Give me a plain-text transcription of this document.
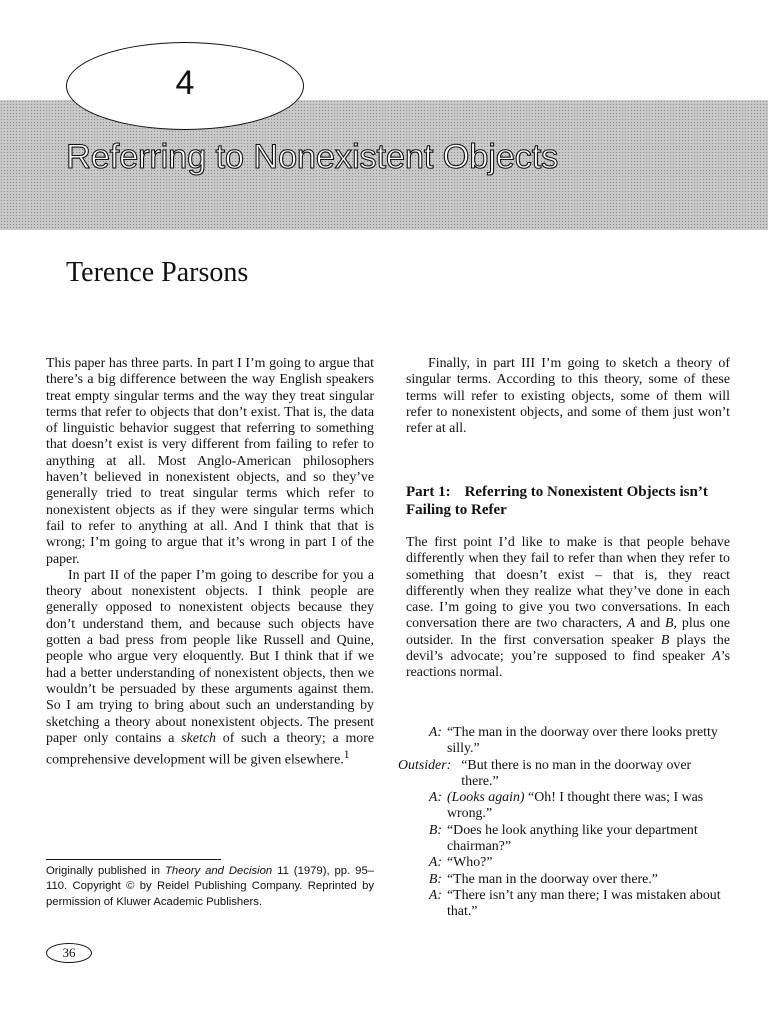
4
Referring to Nonexistent Objects
Terence Parsons

This paper has three parts. In part I I’m going to argue that there’s a big difference between the way English speakers treat empty singular terms and the way they treat singular terms that refer to objects that don’t exist. That is, the data of linguistic behavior suggest that referring to something that doesn’t exist is very different from failing to refer to anything at all. Most Anglo-American philosophers haven’t believed in nonexistent objects, and so they’ve generally tried to treat singular terms which refer to nonexistent objects as if they were singular terms which fail to refer to anything at all. And I think that that is wrong; I’m going to argue that it’s wrong in part I of the paper.

In part II of the paper I’m going to describe for you a theory about nonexistent objects. I think people are generally opposed to nonexistent objects because they don’t understand them, and because such objects have gotten a bad press from people like Russell and Quine, people who argue very eloquently. But I think that if we had a better understanding of nonexistent objects, then we wouldn’t be persuaded by these arguments against them. So I am trying to bring about such an understanding by sketching a theory about nonexistent objects. The present paper only contains a sketch of such a theory; a more comprehensive development will be given elsewhere.$^1$

Finally, in part III I’m going to sketch a theory of singular terms. According to this theory, some of these terms will refer to existing objects, some of them will refer to nonexistent objects, and some of them just won’t refer at all.

Part 1: Referring to Nonexistent Objects isn’t Failing to Refer

The first point I’d like to make is that people behave differently when they fail to refer than when they refer to something that doesn’t exist – that is, they react differently when they realize what they’ve done in each case. I’m going to give you two conversations. In each conversation there are two characters, A and B, plus one outsider. In the first conversation speaker B plays the devil’s advocate; you’re supposed to find speaker A’s reactions normal.

A: “The man in the doorway over there looks pretty silly.”
Outsider: “But there is no man in the doorway over there.”
A: (Looks again) “Oh! I thought there was; I was wrong.”
B: “Does he look anything like your department chairman?”
A: “Who?”
B: “The man in the doorway over there.”
A: “There isn’t any man there; I was mistaken about that.”
Originally published in Theory and Decision 11 (1979), pp. 95–110. Copyright © by Reidel Publishing Company. Reprinted by permission of Kluwer Academic Publishers.
36
